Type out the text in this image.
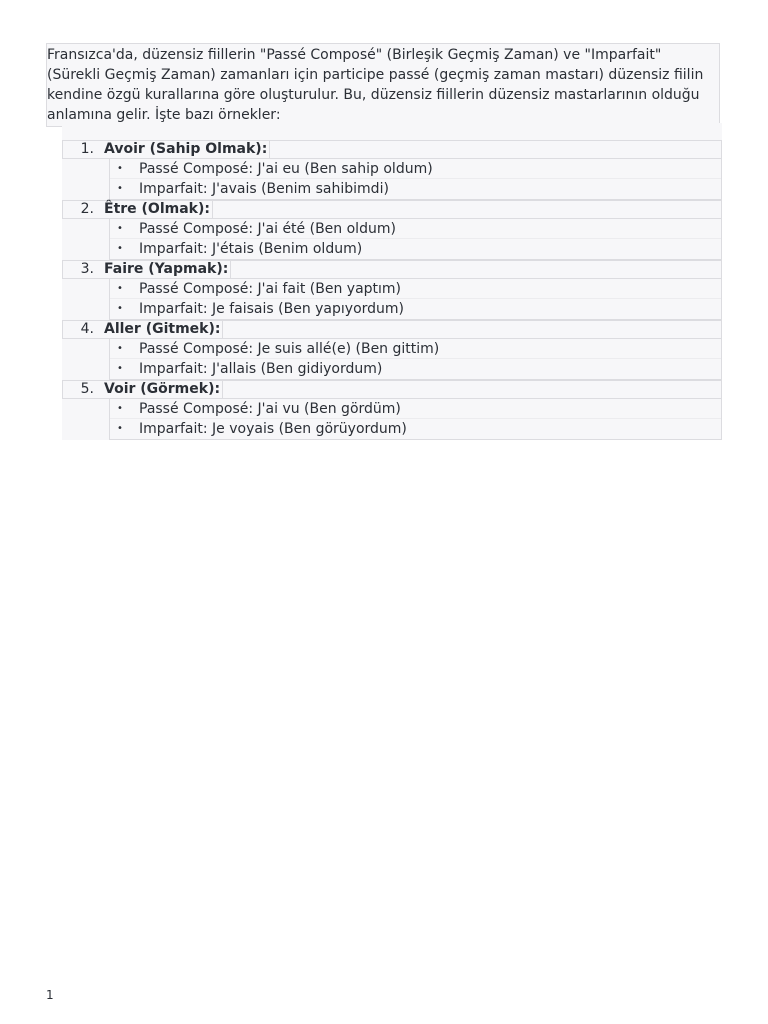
Fransızca'da, düzensiz fiillerin "Passé Composé" (Birleşik Geçmiş Zaman) ve "Imparfait" (Sürekli Geçmiş Zaman) zamanları için participe passé (geçmiş zaman mastarı) düzensiz fiilin kendine özgü kurallarına göre oluşturulur. Bu, düzensiz fiillerin düzensiz mastarlarının olduğu anlamına gelir. İşte bazı örnekler:
1. Avoir (Sahip Olmak):
• Passé Composé: J'ai eu (Ben sahip oldum)
• Imparfait: J'avais (Benim sahibimdi)
2. Être (Olmak):
• Passé Composé: J'ai été (Ben oldum)
• Imparfait: J'étais (Benim oldum)
3. Faire (Yapmak):
• Passé Composé: J'ai fait (Ben yaptım)
• Imparfait: Je faisais (Ben yapıyordum)
4. Aller (Gitmek):
• Passé Composé: Je suis allé(e) (Ben gittim)
• Imparfait: J'allais (Ben gidiyordum)
5. Voir (Görmek):
• Passé Composé: J'ai vu (Ben gördüm)
• Imparfait: Je voyais (Ben görüyordum)
1
